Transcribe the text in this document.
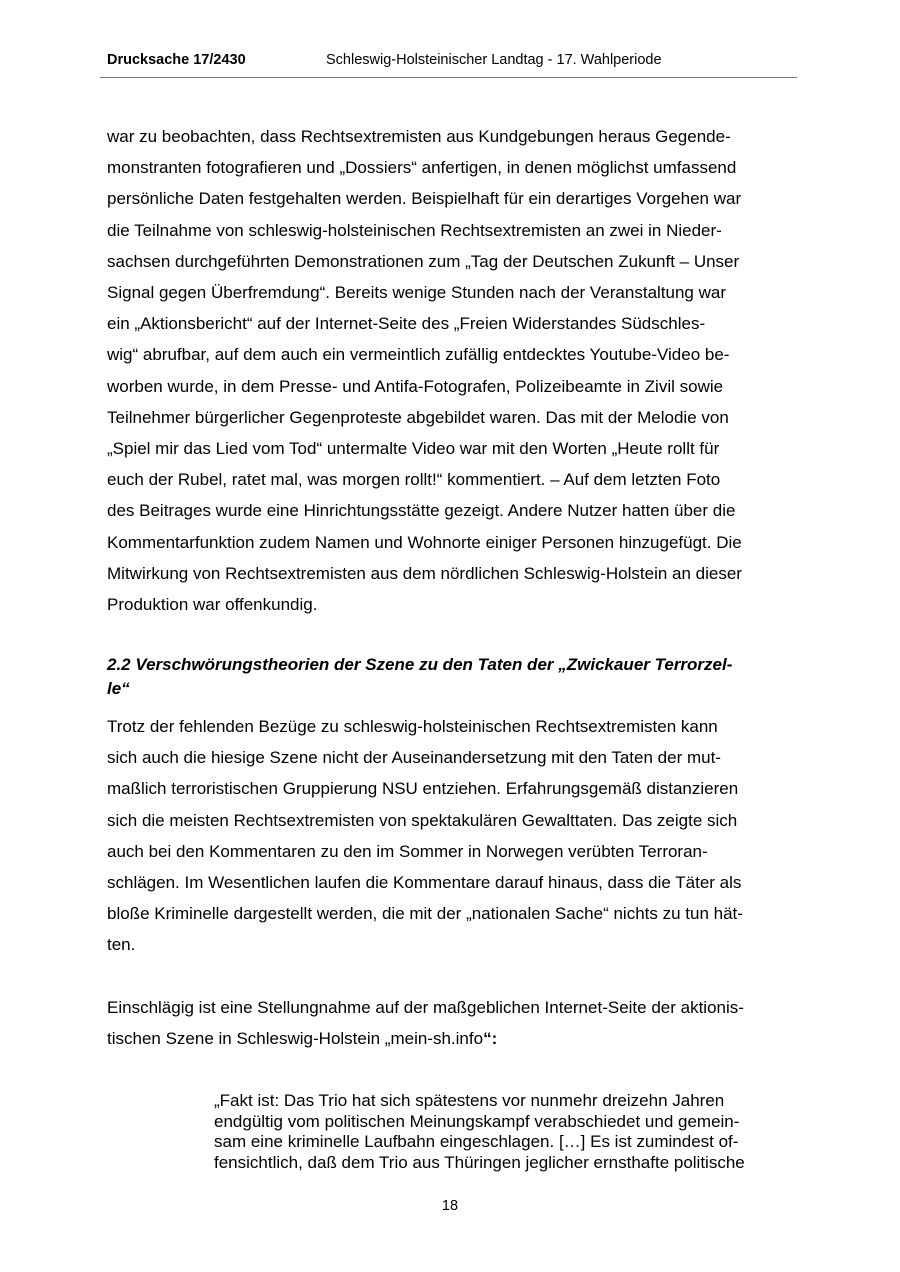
Drucksache 17/2430	Schleswig-Holsteinischer Landtag - 17. Wahlperiode
war zu beobachten, dass Rechtsextremisten aus Kundgebungen heraus Gegende-
monstranten fotografieren und „Dossiers“ anfertigen, in denen möglichst umfassend
persönliche Daten festgehalten werden. Beispielhaft für ein derartiges Vorgehen war
die Teilnahme von schleswig-holsteinischen Rechtsextremisten an zwei in Nieder-
sachsen durchgeführten Demonstrationen zum „Tag der Deutschen Zukunft – Unser
Signal gegen Überfremdung“. Bereits wenige Stunden nach der Veranstaltung war
ein „Aktionsbericht“ auf der Internet-Seite des „Freien Widerstandes Südschles-
wig“ abrufbar, auf dem auch ein vermeintlich zufällig entdecktes Youtube-Video be-
worben wurde, in dem Presse- und Antifa-Fotografen, Polizeibeamte in Zivil sowie
Teilnehmer bürgerlicher Gegenproteste abgebildet waren. Das mit der Melodie von
„Spiel mir das Lied vom Tod“ untermalte Video war mit den Worten „Heute rollt für
euch der Rubel, ratet mal, was morgen rollt!“ kommentiert. – Auf dem letzten Foto
des Beitrages wurde eine Hinrichtungsstätte gezeigt. Andere Nutzer hatten über die
Kommentarfunktion zudem Namen und Wohnorte einiger Personen hinzugefügt. Die
Mitwirkung von Rechtsextremisten aus dem nördlichen Schleswig-Holstein an dieser
Produktion war offenkundig.
2.2 Verschwörungstheorien der Szene zu den Taten der „Zwickauer Terrorzel-
le“
Trotz der fehlenden Bezüge zu schleswig-holsteinischen Rechtsextremisten kann
sich auch die hiesige Szene nicht der Auseinandersetzung mit den Taten der mut-
maßlich terroristischen Gruppierung NSU entziehen. Erfahrungsgemäß distanzieren
sich die meisten Rechtsextremisten von spektakulären Gewalttaten. Das zeigte sich
auch bei den Kommentaren zu den im Sommer in Norwegen verübten Terroran-
schlägen. Im Wesentlichen laufen die Kommentare darauf hinaus, dass die Täter als
bloße Kriminelle dargestellt werden, die mit der „nationalen Sache“ nichts zu tun hät-
ten.
Einschlägig ist eine Stellungnahme auf der maßgeblichen Internet-Seite der aktionis-
tischen Szene in Schleswig-Holstein „mein-sh.info“:
„Fakt ist: Das Trio hat sich spätestens vor nunmehr dreizehn Jahren
endgültig vom politischen Meinungskampf verabschiedet und gemein-
sam eine kriminelle Laufbahn eingeschlagen. […] Es ist zumindest of-
fensichtlich, daß dem Trio aus Thüringen jeglicher ernsthafte politische
18
